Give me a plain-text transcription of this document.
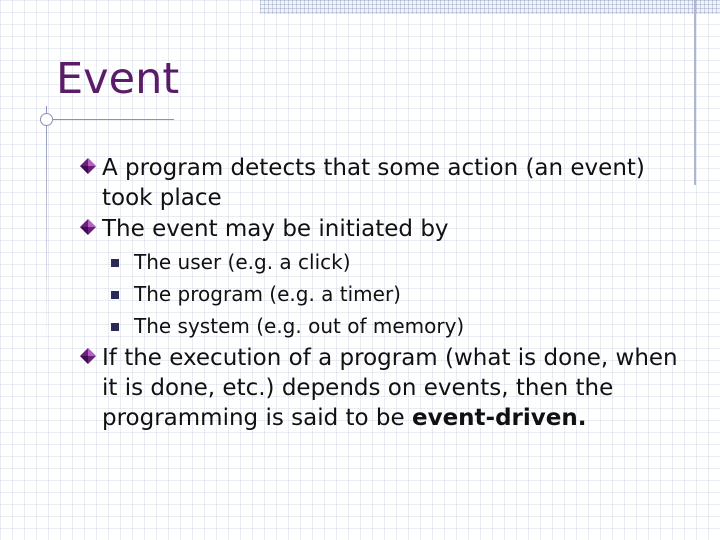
Event
A program detects that some action (an event) took place
The event may be initiated by
The user (e.g. a click)
The program (e.g. a timer)
The system (e.g. out of memory)
If the execution of a program (what is done, when it is done, etc.) depends on events, then the programming is said to be event-driven.
